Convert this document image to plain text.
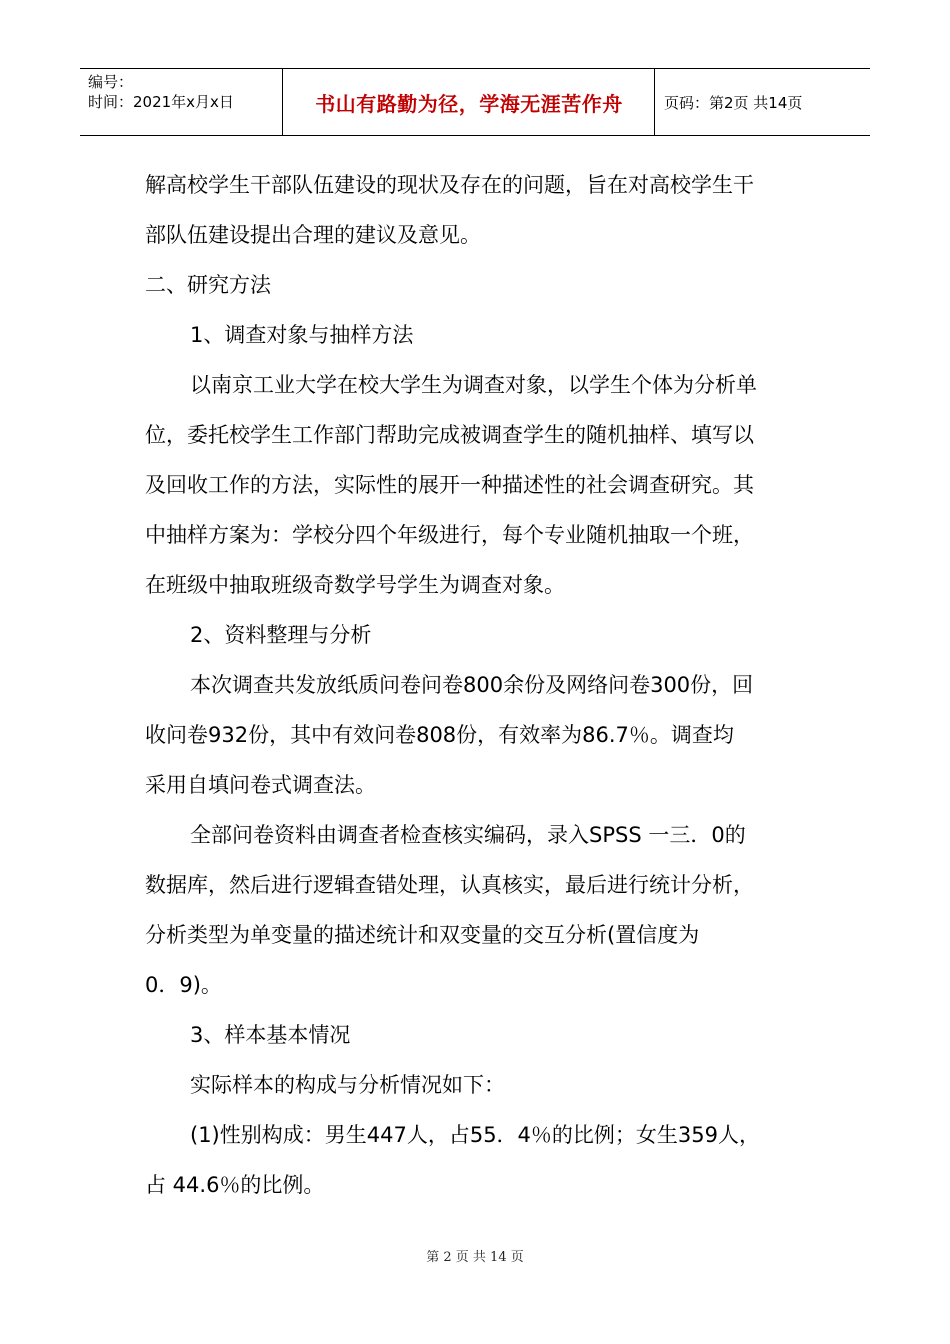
编号：
时间：2021年x月x日	书山有路勤为径，学海无涯苦作舟	页码：第2页 共14页

解高校学生干部队伍建设的现状及存在的问题，旨在对高校学生干

部队伍建设提出合理的建议及意见。

二、研究方法

1、调查对象与抽样方法

以南京工业大学在校大学生为调查对象，以学生个体为分析单

位，委托校学生工作部门帮助完成被调查学生的随机抽样、填写以

及回收工作的方法，实际性的展开一种描述性的社会调查研究。其

中抽样方案为：学校分四个年级进行，每个专业随机抽取一个班，

在班级中抽取班级奇数学号学生为调查对象。

2、资料整理与分析

本次调查共发放纸质问卷问卷800余份及网络问卷300份，回

收问卷932份，其中有效问卷808份，有效率为86.7％。调查均

采用自填问卷式调查法。

全部问卷资料由调查者检查核实编码，录入SPSS 一三．0的

数据库，然后进行逻辑查错处理，认真核实，最后进行统计分析，

分析类型为单变量的描述统计和双变量的交互分析(置信度为

0．9)。

3、样本基本情况

实际样本的构成与分析情况如下：

(1)性别构成：男生447人，占55．4％的比例；女生359人，

占 44.6％的比例。

第 2 页 共 14 页
